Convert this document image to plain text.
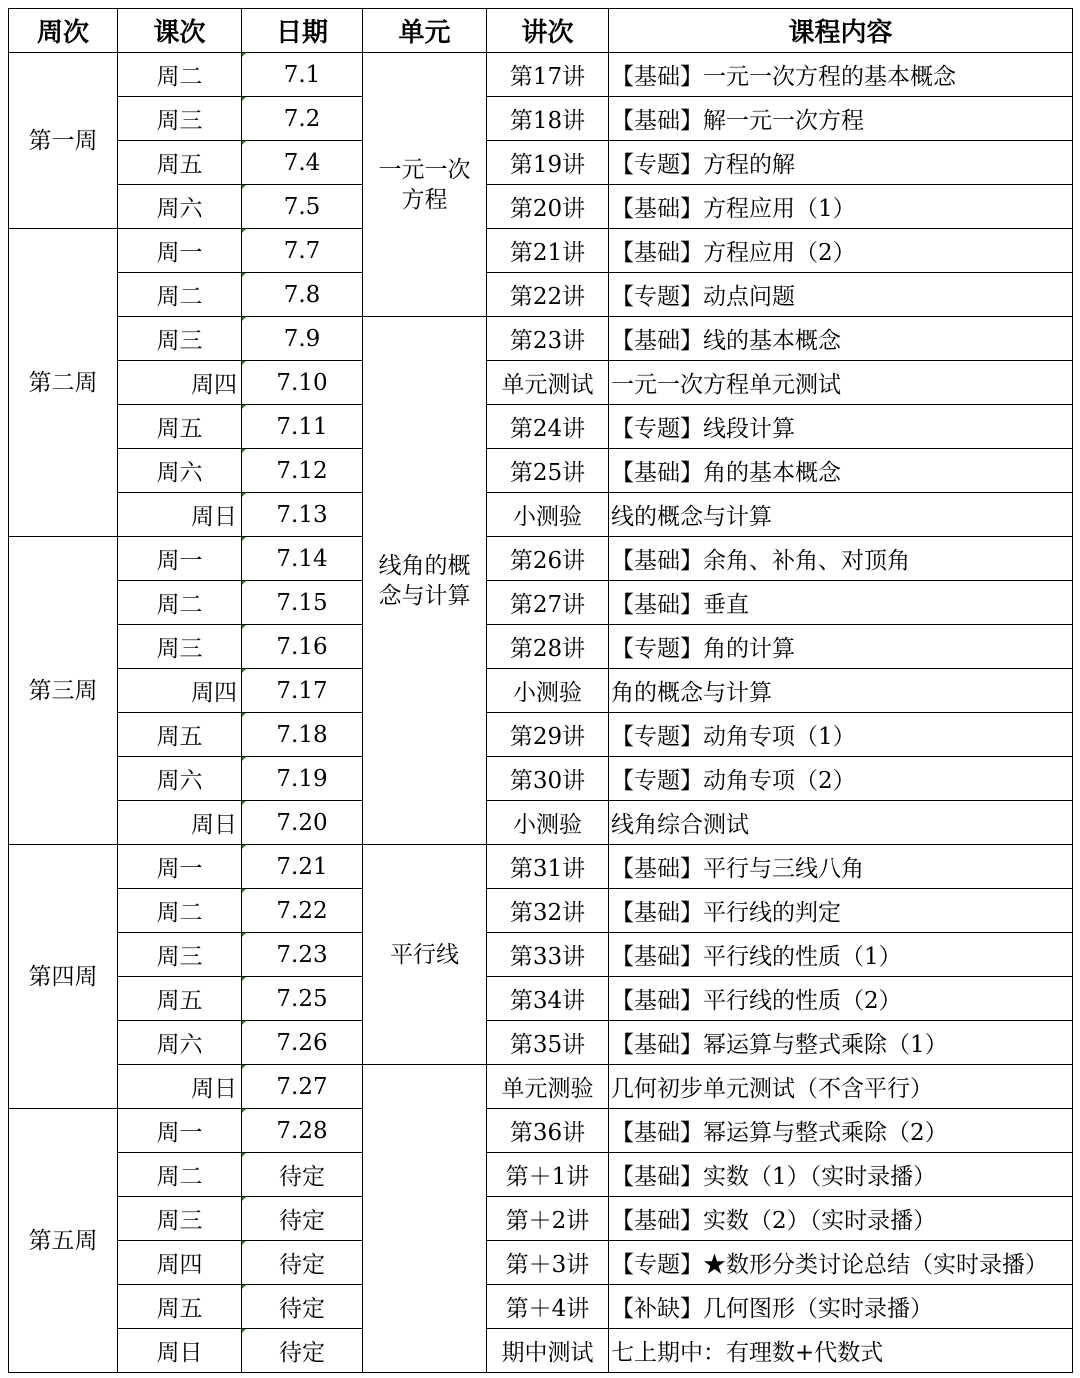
周次	课次	日期	单元	讲次	课程内容
第一周	周二	7.1	一元一次方程	第17讲	【基础】一元一次方程的基本概念
	周三	7.2		第18讲	【基础】解一元一次方程
	周五	7.4		第19讲	【专题】方程的解
	周六	7.5		第20讲	【基础】方程应用（1）
第二周	周一	7.7		第21讲	【基础】方程应用（2）
	周二	7.8		第22讲	【专题】动点问题
	周三	7.9	线角的概念与计算	第23讲	【基础】线的基本概念
	周四	7.10		单元测试	一元一次方程单元测试
	周五	7.11		第24讲	【专题】线段计算
	周六	7.12		第25讲	【基础】角的基本概念
	周日	7.13		小测验	线的概念与计算
第三周	周一	7.14		第26讲	【基础】余角、补角、对顶角
	周二	7.15		第27讲	【基础】垂直
	周三	7.16		第28讲	【专题】角的计算
	周四	7.17		小测验	角的概念与计算
	周五	7.18		第29讲	【专题】动角专项（1）
	周六	7.19		第30讲	【专题】动角专项（2）
	周日	7.20		小测验	线角综合测试
第四周	周一	7.21	平行线	第31讲	【基础】平行与三线八角
	周二	7.22		第32讲	【基础】平行线的判定
	周三	7.23		第33讲	【基础】平行线的性质（1）
	周五	7.25		第34讲	【基础】平行线的性质（2）
	周六	7.26		第35讲	【基础】幂运算与整式乘除（1）
	周日	7.27		单元测验	几何初步单元测试（不含平行）
第五周	周一	7.28		第36讲	【基础】幂运算与整式乘除（2）
	周二	待定		第＋1讲	【基础】实数（1）（实时录播）
	周三	待定		第＋2讲	【基础】实数（2）（实时录播）
	周四	待定		第＋3讲	【专题】★数形分类讨论总结（实时录播）
	周五	待定		第＋4讲	【补缺】几何图形（实时录播）
	周日	待定		期中测试	七上期中：有理数+代数式
